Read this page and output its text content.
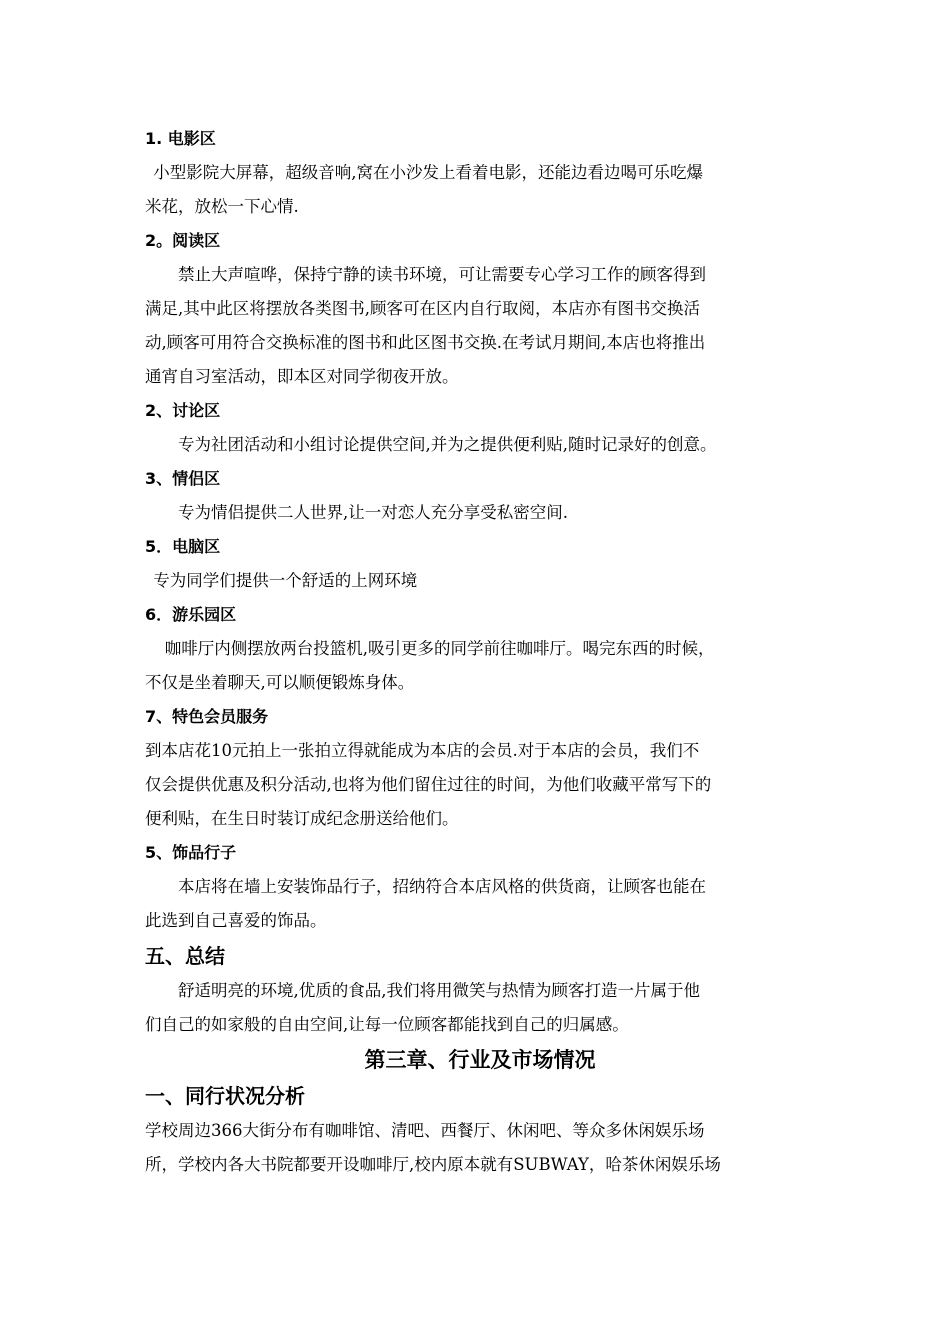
1. 电影区
小型影院大屏幕，超级音响,窝在小沙发上看着电影，还能边看边喝可乐吃爆
米花，放松一下心情.
2。阅读区
禁止大声喧哗，保持宁静的读书环境，可让需要专心学习工作的顾客得到
满足,其中此区将摆放各类图书,顾客可在区内自行取阅，本店亦有图书交换活
动,顾客可用符合交换标准的图书和此区图书交换.在考试月期间,本店也将推出
通宵自习室活动，即本区对同学彻夜开放。
2、讨论区
专为社团活动和小组讨论提供空间,并为之提供便利贴,随时记录好的创意。
3、情侣区
专为情侣提供二人世界,让一对恋人充分享受私密空间.
5．电脑区
专为同学们提供一个舒适的上网环境
6．游乐园区
咖啡厅内侧摆放两台投篮机,吸引更多的同学前往咖啡厅。喝完东西的时候，
不仅是坐着聊天,可以顺便锻炼身体。
7、特色会员服务
到本店花10元拍上一张拍立得就能成为本店的会员.对于本店的会员，我们不
仅会提供优惠及积分活动,也将为他们留住过往的时间，为他们收藏平常写下的
便利贴，在生日时装订成纪念册送给他们。
5、饰品行子
本店将在墙上安装饰品行子，招纳符合本店风格的供货商，让顾客也能在
此选到自己喜爱的饰品。
五、总结
舒适明亮的环境,优质的食品,我们将用微笑与热情为顾客打造一片属于他
们自己的如家般的自由空间,让每一位顾客都能找到自己的归属感。
第三章、行业及市场情况
一、同行状况分析
学校周边366大街分布有咖啡馆、清吧、西餐厅、休闲吧、等众多休闲娱乐场
所，学校内各大书院都要开设咖啡厅,校内原本就有SUBWAY，哈茶休闲娱乐场
